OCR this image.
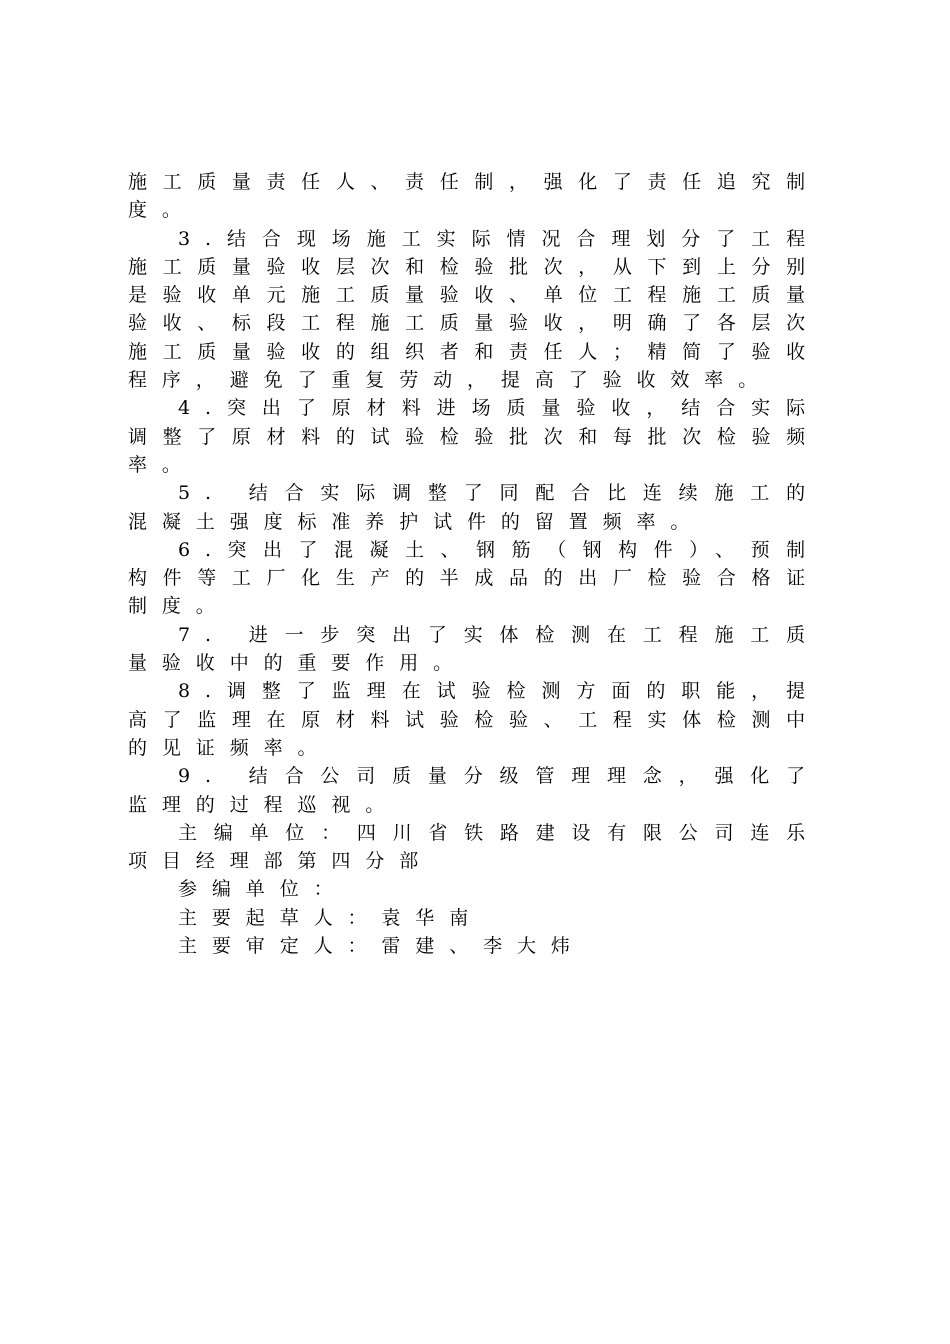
施工质量责任人、责任制，强化了责任追究制度。

3.结合现场施工实际情况合理划分了工程施工质量验收层次和检验批次，从下到上分别是验收单元施工质量验收、单位工程施工质量验收、标段工程施工质量验收，明确了各层次施工质量验收的组织者和责任人；精简了验收程序，避免了重复劳动，提高了验收效率。

4.突出了原材料进场质量验收，结合实际调整了原材料的试验检验批次和每批次检验频率。

5. 结合实际调整了同配合比连续施工的混凝土强度标准养护试件的留置频率。

6.突出了混凝土、钢筋（钢构件）、预制构件等工厂化生产的半成品的出厂检验合格证制度。

7. 进一步突出了实体检测在工程施工质量验收中的重要作用。

8.调整了监理在试验检测方面的职能，提高了监理在原材料试验检验、工程实体检测中的见证频率。

9. 结合公司质量分级管理理念，强化了监理的过程巡视。

主编单位：四川省铁路建设有限公司连乐项目经理部第四分部

参编单位：

主要起草人：袁华南

主要审定人：雷建、李大炜
